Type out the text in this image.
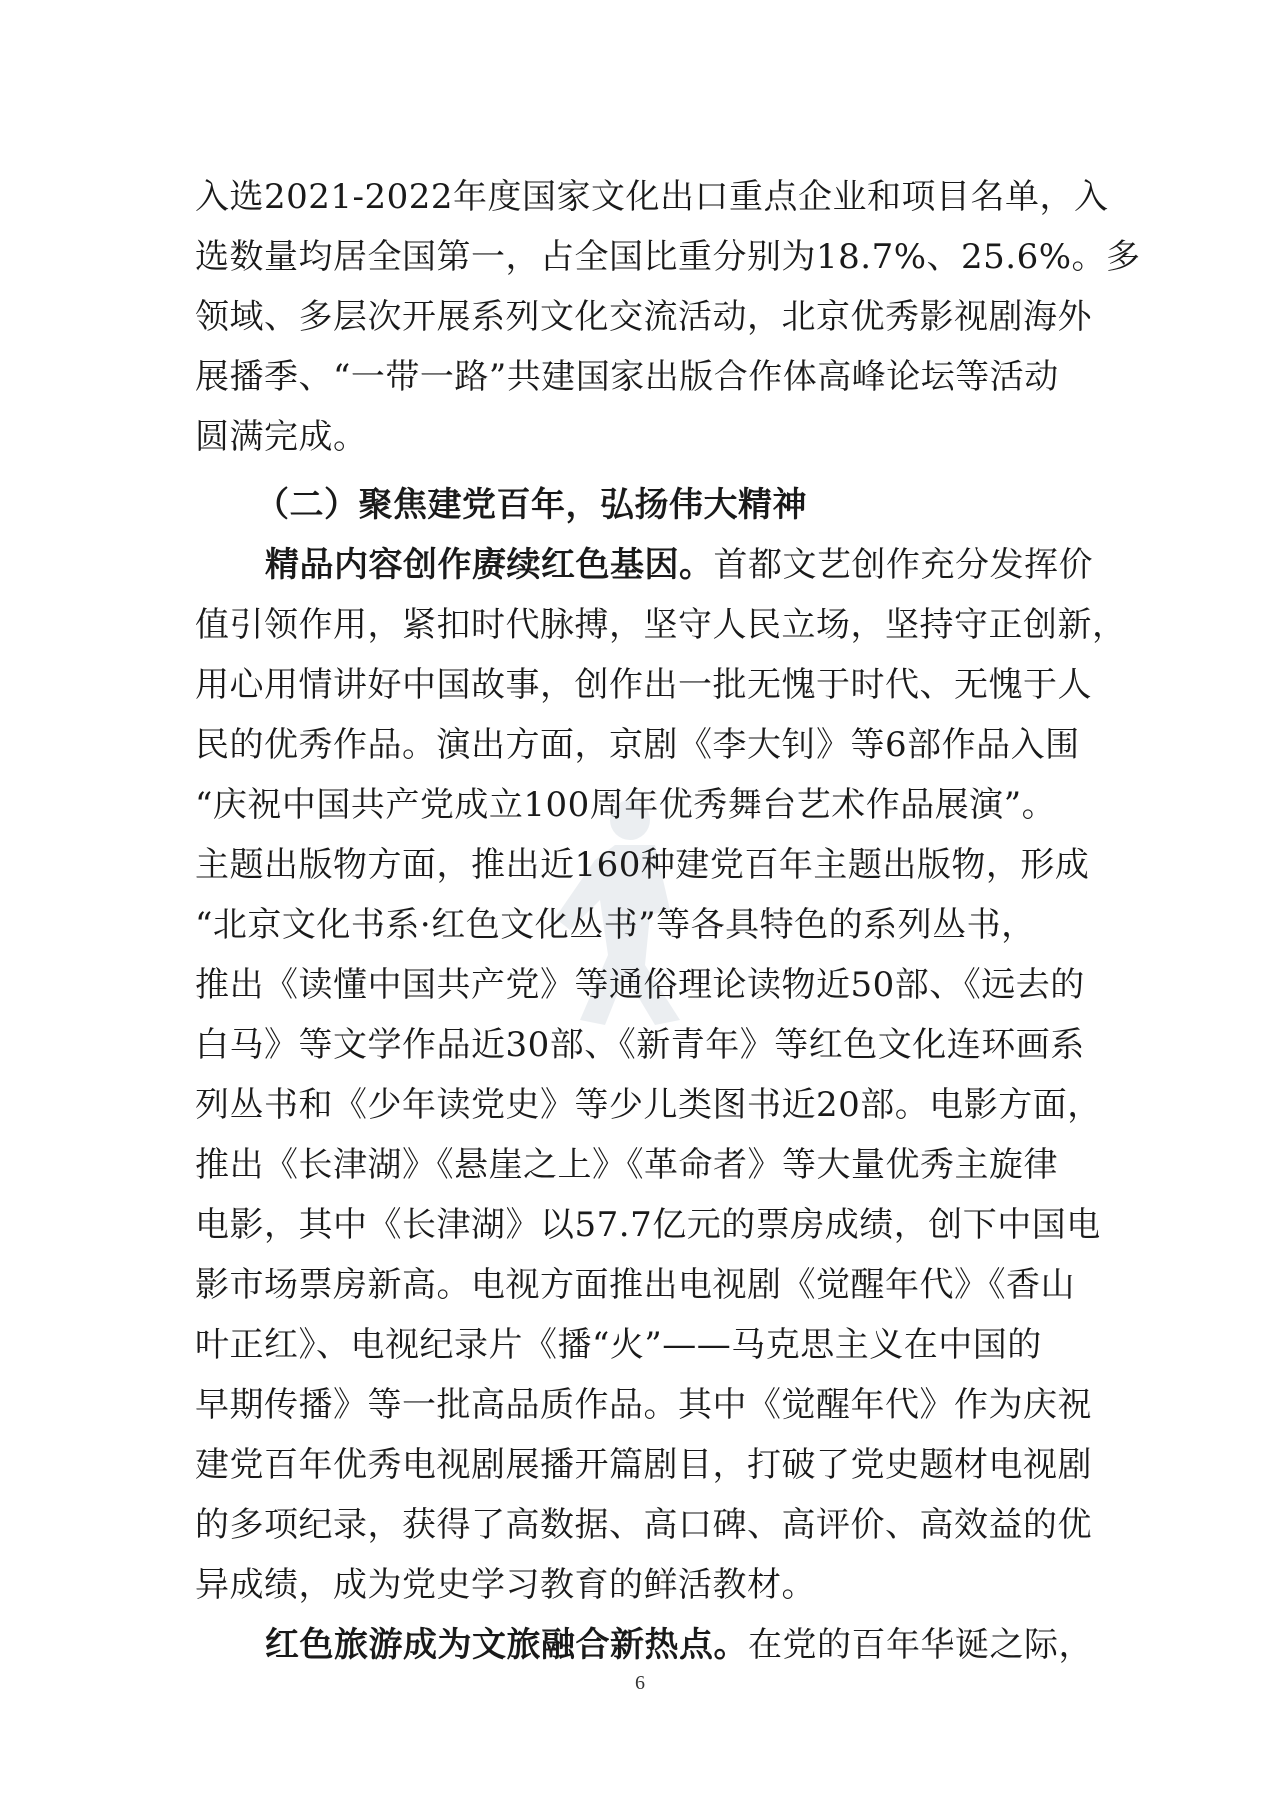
入选2021-2022年度国家文化出口重点企业和项目名单，入
选数量均居全国第一，占全国比重分别为18.7%、25.6%。多
领域、多层次开展系列文化交流活动，北京优秀影视剧海外
展播季、“一带一路”共建国家出版合作体高峰论坛等活动
圆满完成。
（二）聚焦建党百年，弘扬伟大精神
精品内容创作赓续红色基因。首都文艺创作充分发挥价
值引领作用，紧扣时代脉搏，坚守人民立场，坚持守正创新，
用心用情讲好中国故事，创作出一批无愧于时代、无愧于人
民的优秀作品。演出方面，京剧《李大钊》等6部作品入围
“庆祝中国共产党成立100周年优秀舞台艺术作品展演”。
主题出版物方面，推出近160种建党百年主题出版物，形成
“北京文化书系·红色文化丛书”等各具特色的系列丛书，
推出《读懂中国共产党》等通俗理论读物近50部、《远去的
白马》等文学作品近30部、《新青年》等红色文化连环画系
列丛书和《少年读党史》等少儿类图书近20部。电影方面，
推出《长津湖》《悬崖之上》《革命者》等大量优秀主旋律
电影，其中《长津湖》以57.7亿元的票房成绩，创下中国电
影市场票房新高。电视方面推出电视剧《觉醒年代》《香山
叶正红》、电视纪录片《播“火”——马克思主义在中国的
早期传播》等一批高品质作品。其中《觉醒年代》作为庆祝
建党百年优秀电视剧展播开篇剧目，打破了党史题材电视剧
的多项纪录，获得了高数据、高口碑、高评价、高效益的优
异成绩，成为党史学习教育的鲜活教材。
红色旅游成为文旅融合新热点。在党的百年华诞之际，
6
